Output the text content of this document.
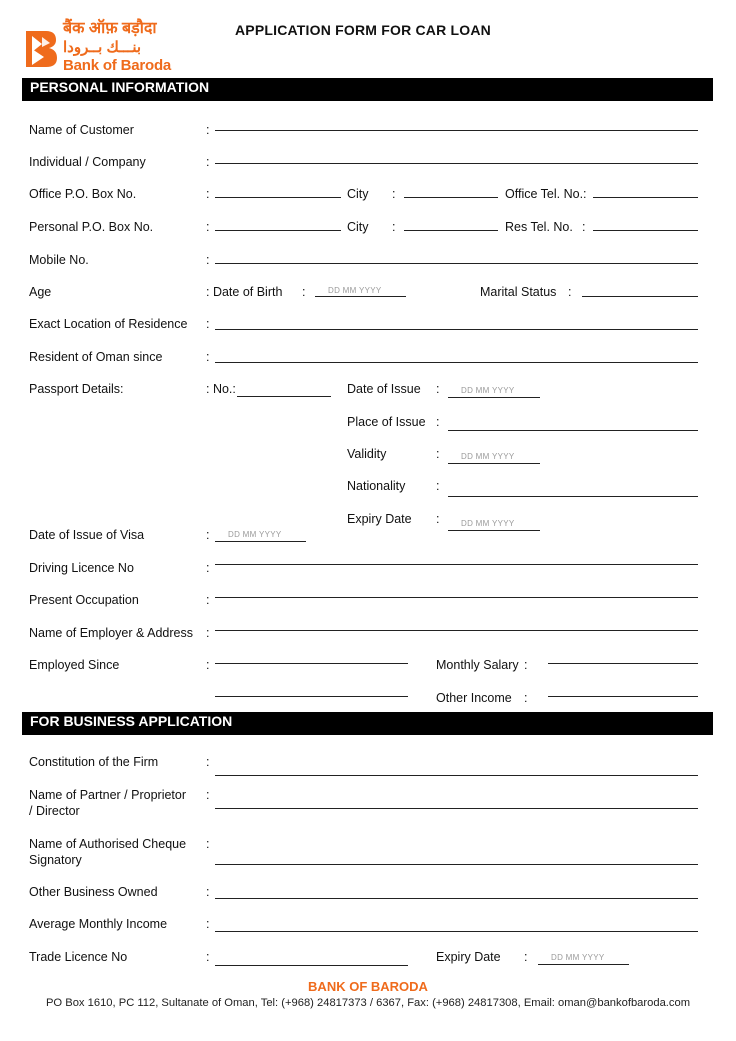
बैंक ऑफ़ बड़ौदा
بنـــك بــرودا
Bank of Baroda
APPLICATION FORM FOR CAR LOAN
PERSONAL INFORMATION
Name of Customer	:
Individual / Company	:
Office P.O. Box No.	:	City :	Office Tel. No.:
Personal P.O. Box No.	:	City :	Res Tel. No. :
Mobile No.	:
Age	: Date of Birth :	DD MM YYYY	Marital Status :
Exact Location of Residence :
Resident of Oman since	:
Passport Details:	: No.:	Date of Issue :	DD MM YYYY
Place of Issue :
Validity	:	DD MM YYYY
Nationality :
Expiry Date :	DD MM YYYY
Date of Issue of Visa	: DD MM YYYY
Driving Licence No	:
Present Occupation	:
Name of Employer & Address :
Employed Since	:	Monthly Salary :
Other Income :
FOR BUSINESS APPLICATION
Constitution of the Firm	:
Name of Partner / Proprietor
/ Director
:
Name of Authorised Cheque
Signatory
:
Other Business Owned	:
Average Monthly Income	:
Trade Licence No	:	Expiry Date :	DD MM YYYY
BANK OF BARODA
PO Box 1610, PC 112, Sultanate of Oman, Tel: (+968) 24817373 / 6367, Fax: (+968) 24817308, Email: oman@bankofbaroda.com
